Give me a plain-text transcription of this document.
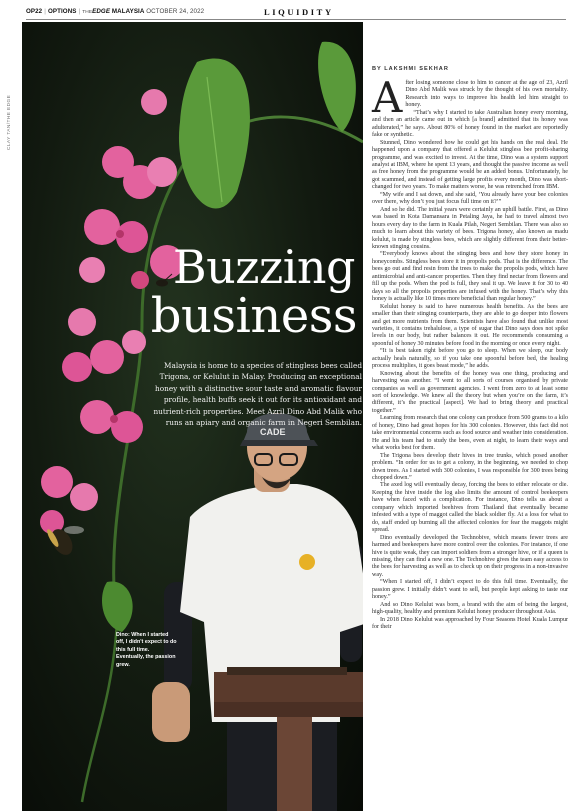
OP22 | OPTIONS | THEEDGE MALAYSIA OCTOBER 24, 2022	LIQUIDITY
CLAY TAN/THE EDGE
CADE
Buzzing
business
Malaysia is home to a species of stingless bees called Trigona, or Kelulut in Malay. Producing an exceptional honey with a distinctive sour taste and aromatic flavour profile, health buffs seek it out for its antioxidant and nutrient-rich properties. Meet Azril Dino Abd Malik who runs an apiary and organic farm in Negeri Sembilan.
Dino: When I started off, I didn't expect to do this full time. Eventually, the passion grew.
BY LAKSHMI SEKHAR

After losing someone close to him to cancer at the age of 23, Azril Dino Abd Malik was struck by the thought of his own mortality. Research into ways to improve his health led him straight to honey.

“That’s why I started to take Australian honey every morning, and then an article came out in which [a brand] admitted that its honey was adulterated,” he says. About 80% of honey found in the market are reportedly fake or synthetic.

Stunned, Dino wondered how he could get his hands on the real deal. He happened upon a company that offered a Kelulut stingless bee profit-sharing programme, and was excited to invest. At the time, Dino was a system support analyst at IBM, where he spent 13 years, and thought the passive income as well as free honey from the programme would be an added bonus. Unfortunately, he got scammed, and instead of getting large profits every month, Dino was short-changed for two years. To make matters worse, he was retrenched from IBM.

“My wife and I sat down, and she said, ‘You already have your bee colonies over there, why don’t you just focus full time on it?’”

And so he did. The initial years were certainly an uphill battle. First, as Dino was based in Kota Damansara in Petaling Jaya, he had to travel almost two hours every day to the farm in Kuala Pilah, Negeri Sembilan. There was also so much to learn about this variety of bees. Trigona honey, also known as madu kelulut, is made by stingless bees, which are slightly different from their better-known stinging cousins.

“Everybody knows about the stinging bees and how they store honey in honeycombs. Stingless bees store it in propolis pods. That is the difference. The bees go out and find resin from the trees to make the propolis pods, which have antimicrobial and anti-cancer properties. Then they find nectar from flowers and fill up the pods. When the pod is full, they seal it up. We leave it for 30 to 40 days so all the propolis properties are infused with the honey. That’s why this honey is actually like 10 times more beneficial than regular honey.”

Kelulut honey is said to have numerous health benefits. As the bees are smaller than their stinging counterparts, they are able to go deeper into flowers and get more nutrients from them. Scientists have also found that unlike most varieties, it contains trehalulose, a type of sugar that Dino says does not spike levels in our body, but rather balances it out. He recommends consuming a spoonful of honey 30 minutes before food in the morning or once every night.

“It is best taken right before you go to sleep. When we sleep, our body actually heals naturally, so if you take one spoonful before bed, the healing process multiplies, it goes beast mode,” he adds.

Knowing about the benefits of the honey was one thing, producing and harvesting was another. “I went to all sorts of courses organised by private companies as well as government agencies. I went from zero to at least some sort of knowledge. We knew all the theory but when you’re on the farm, it’s different, it’s the practical [aspect]. We had to bring theory and practical together.”

Learning from research that one colony can produce from 500 grams to a kilo of honey, Dino had great hopes for his 300 colonies. However, this fact did not take environmental concerns such as food source and weather into consideration. He and his team had to study the bees, even at night, to learn their ways and what works best for them.

The Trigona bees develop their hives in tree trunks, which posed another problem. “In order for us to get a colony, in the beginning, we needed to chop down trees. As I started with 300 colonies, I was responsible for 300 trees being chopped down.”

The axed log will eventually decay, forcing the bees to either relocate or die. Keeping the hive inside the log also limits the amount of control beekeepers have when faced with a complication. For instance, Dino tells us about a company which imported beehives from Thailand that eventually became infested with a type of maggot called the black soldier fly. At a loss for what to do, staff ended up burning all the affected colonies for fear the maggots might spread.

Dino eventually developed the Technobive, which means fewer trees are harmed and beekeepers have more control over the colonies. For instance, if one hive is quite weak, they can import soldiers from a stronger hive, or if a queen is missing, they can find a new one. The Technohive gives the team easy access to the bees for harvesting as well as to check up on their progress in a non-invasive way.

“When I started off, I didn’t expect to do this full time. Eventually, the passion grew. I initially didn’t want to sell, but people kept asking to taste our honey.”

And so Dino Kelulut was born, a brand with the aim of being the largest, high-quality, healthy and premium Kelulut honey producer throughout Asia.

In 2018 Dino Kelulut was approached by Four Seasons Hotel Kuala Lumpur for their
